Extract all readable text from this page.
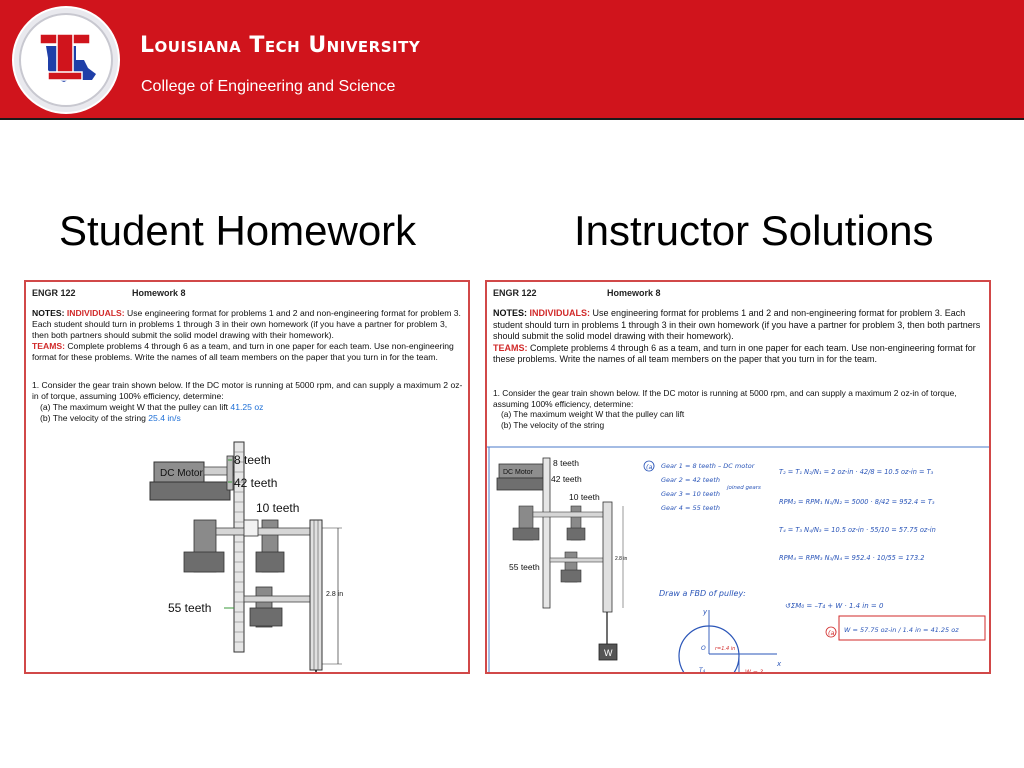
Louisiana Tech University
College of Engineering and Science
Student Homework	Instructor Solutions
ENGR 122	Homework 8
NOTES: INDIVIDUALS: Use engineering format for problems 1 and 2 and non-engineering format for problem 3. Each student should turn in problems 1 through 3 in their own homework (if you have a partner for problem 3, then both partners should submit the solid model drawing with their homework).
TEAMS: Complete problems 4 through 6 as a team, and turn in one paper for each team. Use non-engineering format for these problems. Write the names of all team members on the paper that you turn in for the team.
1. Consider the gear train shown below. If the DC motor is running at 5000 rpm, and can supply a maximum 2 oz-in of torque, assuming 100% efficiency, determine:
(a) The maximum weight W that the pulley can lift 41.25 oz
(b) The velocity of the string 25.4 in/s
DC Motor
2.8 in
8 teeth
42 teeth
10 teeth
55 teeth
ENGR 122	Homework 8
NOTES: INDIVIDUALS: Use engineering format for problems 1 and 2 and non-engineering format for problem 3. Each student should turn in problems 1 through 3 in their own homework (if you have a partner for problem 3, then both partners should submit the solid model drawing with their homework).
TEAMS: Complete problems 4 through 6 as a team, and turn in one paper for each team. Use non-engineering format for these problems. Write the names of all team members on the paper that you turn in for the team.
1. Consider the gear train shown below. If the DC motor is running at 5000 rpm, and can supply a maximum 2 oz-in of torque, assuming 100% efficiency, determine:
(a) The maximum weight W that the pulley can lift
(b) The velocity of the string
DC Motor
W
2.8 in
8 teeth
42 teeth
10 teeth
55 teeth
(a) Gear 1 = 8 teeth – DC motor
Gear 2 = 42 teeth
Gear 3 = 10 teeth
Gear 4 = 55 teeth
joined gears
T₂ = T₁ N₂/N₁ = 2 oz-in · 42/8 = 10.5 oz-in = T₃
RPM₂ = RPM₁ N₁/N₂ = 5000 · 8/42 = 952.4 = T₃
T₄ = T₃ N₄/N₃ = 10.5 oz-in · 55/10 = 57.75 oz-in
RPM₄ = RPM₃ N₃/N₄ = 952.4 · 10/55 = 173.2
Draw a FBD of pulley:
y
x
O r=1.4 in
T₄	W = ?
↺ΣM₀ = –T₄ + W · 1.4 in = 0
(a) W = 57.75 oz-in / 1.4 in = 41.25 oz
